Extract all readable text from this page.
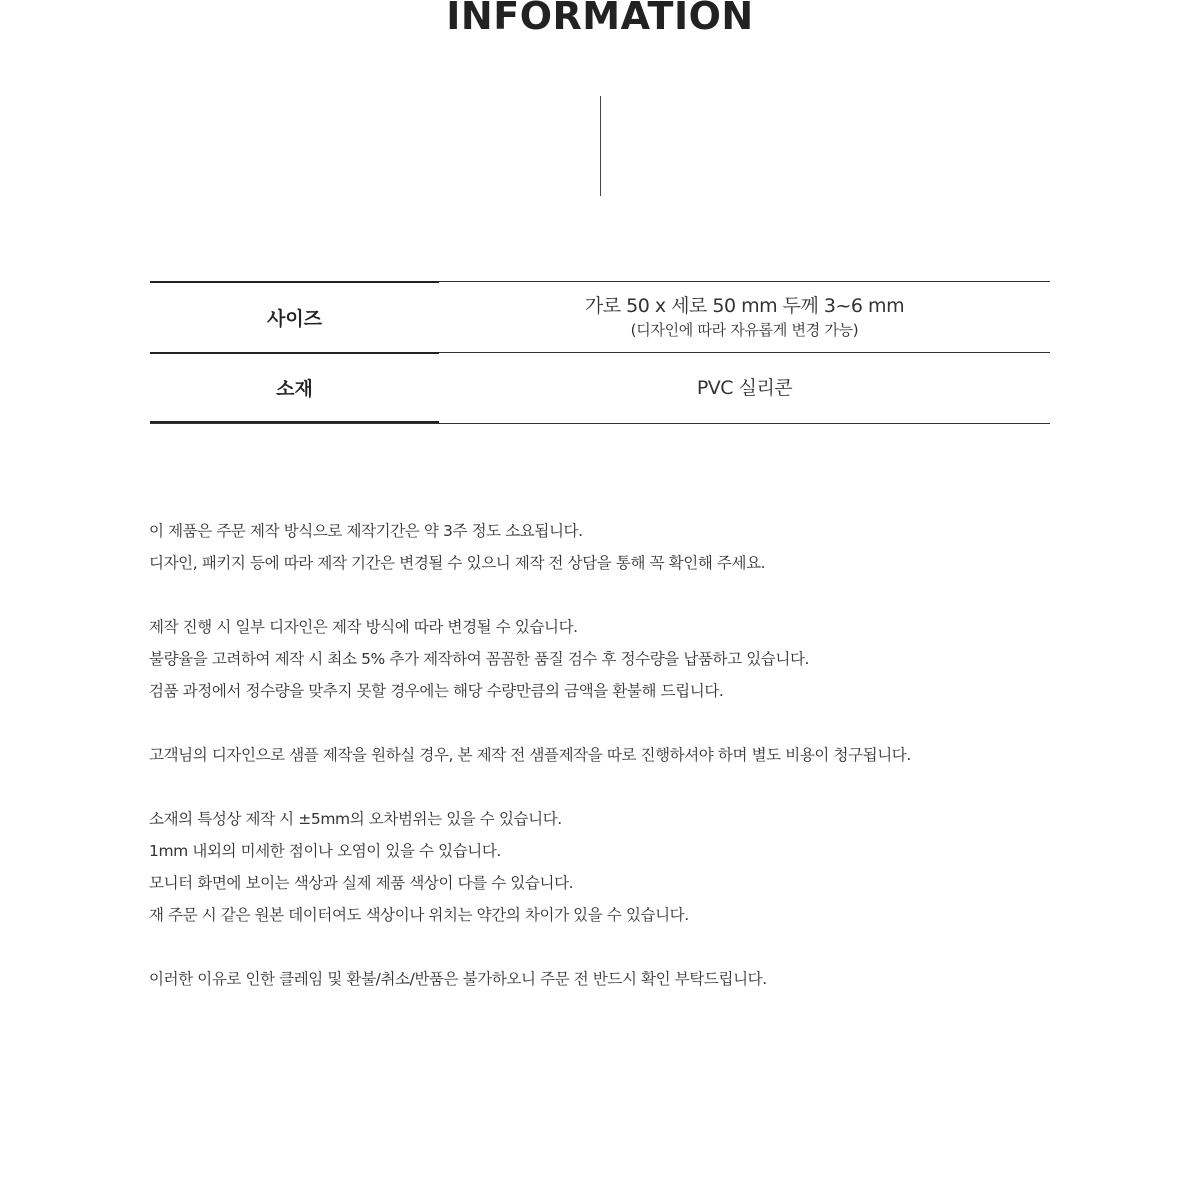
INFORMATION
사이즈
가로 50 x 세로 50 mm 두께 3~6 mm
(디자인에 따라 자유롭게 변경 가능)
소재	PVC 실리콘
이 제품은 주문 제작 방식으로 제작기간은 약 3주 정도 소요됩니다.
디자인, 패키지 등에 따라 제작 기간은 변경될 수 있으니 제작 전 상담을 통해 꼭 확인해 주세요.
제작 진행 시 일부 디자인은 제작 방식에 따라 변경될 수 있습니다.
불량율을 고려하여 제작 시 최소 5% 추가 제작하여 꼼꼼한 품질 검수 후 정수량을 납품하고 있습니다.
검품 과정에서 정수량을 맞추지 못할 경우에는 해당 수량만큼의 금액을 환불해 드립니다.
고객님의 디자인으로 샘플 제작을 원하실 경우, 본 제작 전 샘플제작을 따로 진행하셔야 하며 별도 비용이 청구됩니다.
소재의 특성상 제작 시 ±5mm의 오차범위는 있을 수 있습니다.
1mm 내외의 미세한 점이나 오염이 있을 수 있습니다.
모니터 화면에 보이는 색상과 실제 제품 색상이 다를 수 있습니다.
재 주문 시 같은 원본 데이터여도 색상이나 위치는 약간의 차이가 있을 수 있습니다.
이러한 이유로 인한 클레임 및 환불/취소/반품은 불가하오니 주문 전 반드시 확인 부탁드립니다.
